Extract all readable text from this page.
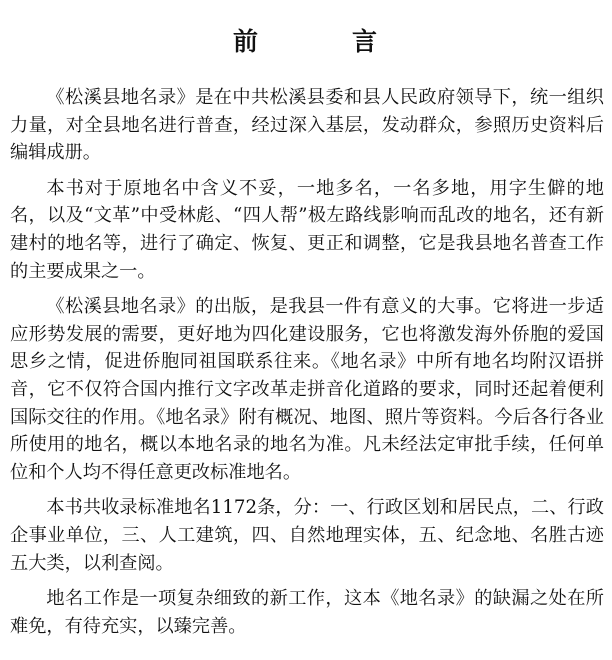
前	言

《松溪县地名录》是在中共松溪县委和县人民政府领导下，统一组织力量，对全县地名进行普查，经过深入基层，发动群众，参照历史资料后编辑成册。

本书对于原地名中含义不妥，一地多名，一名多地，用字生僻的地名，以及“文革”中受林彪、“四人帮”极左路线影响而乱改的地名，还有新建村的地名等，进行了确定、恢复、更正和调整，它是我县地名普查工作的主要成果之一。

《松溪县地名录》的出版，是我县一件有意义的大事。它将进一步适应形势发展的需要，更好地为四化建设服务，它也将激发海外侨胞的爱国思乡之情，促进侨胞同祖国联系往来。《地名录》中所有地名均附汉语拼音，它不仅符合国内推行文字改革走拼音化道路的要求，同时还起着便利国际交往的作用。《地名录》附有概况、地图、照片等资料。今后各行各业所使用的地名，概以本地名录的地名为准。凡未经法定审批手续，任何单位和个人均不得任意更改标准地名。

本书共收录标准地名1172条，分：一、行政区划和居民点，二、行政企事业单位，三、人工建筑，四、自然地理实体，五、纪念地、名胜古迹五大类，以利查阅。

地名工作是一项复杂细致的新工作，这本《地名录》的缺漏之处在所难免，有待充实，以臻完善。
